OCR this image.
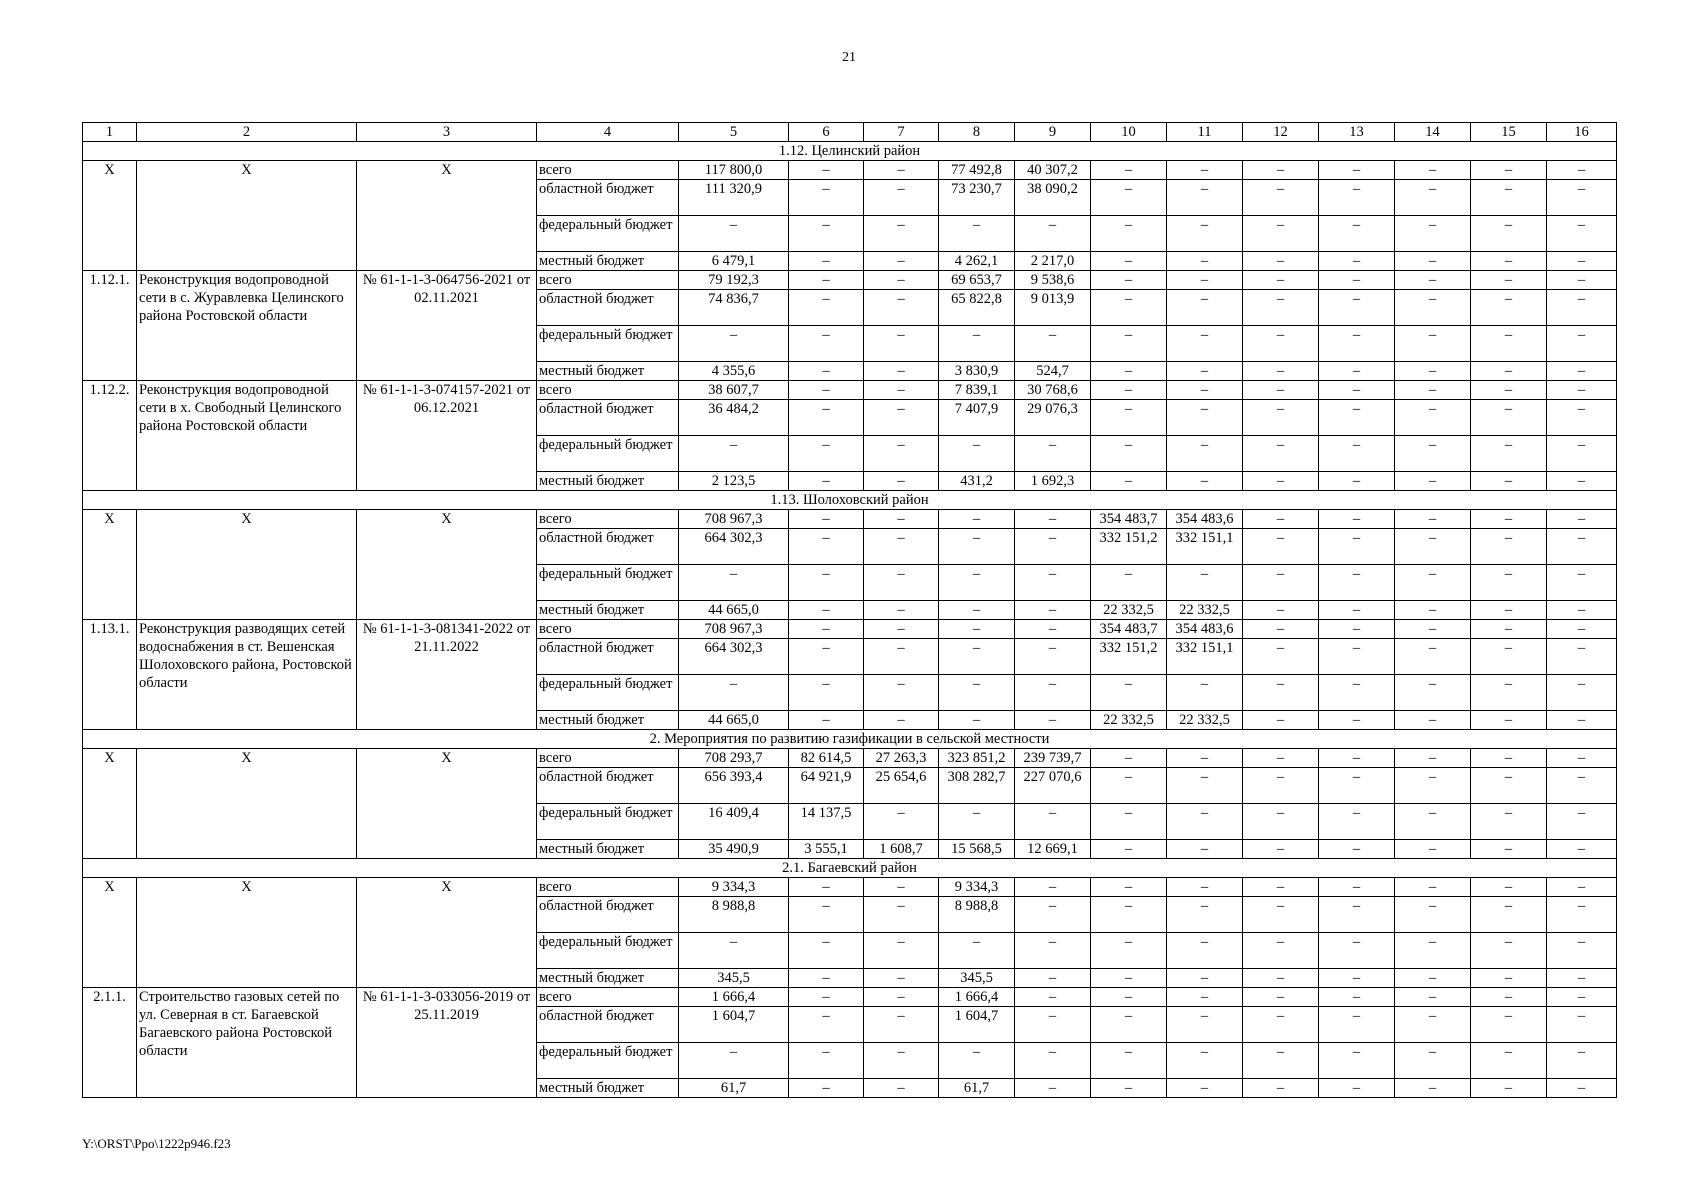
21
1	2	3	4	5	6	7	8	9	10	11	12	13	14	15	16
1.12. Целинский район															
X	X	X	всего	117 800,0	–	–	77 492,8	40 307,2	–	–	–	–	–	–	–
			областной бюджет	111 320,9	–	–	73 230,7	38 090,2	–	–	–	–	–	–	–
			федеральный бюджет	–	–	–	–	–	–	–	–	–	–	–	–
			местный бюджет	6 479,1	–	–	4 262,1	2 217,0	–	–	–	–	–	–	–
1.12.1.	Реконструкция водопроводной сети в с. Журавлевка Целинского района Ростовской области	№ 61-1-1-3-064756-2021 от 02.11.2021	всего	79 192,3	–	–	69 653,7	9 538,6	–	–	–	–	–	–	–
			областной бюджет	74 836,7	–	–	65 822,8	9 013,9	–	–	–	–	–	–	–
			федеральный бюджет	–	–	–	–	–	–	–	–	–	–	–	–
			местный бюджет	4 355,6	–	–	3 830,9	524,7	–	–	–	–	–	–	–
1.12.2.	Реконструкция водопроводной сети в х. Свободный Целинского района Ростовской области	№ 61-1-1-3-074157-2021 от 06.12.2021	всего	38 607,7	–	–	7 839,1	30 768,6	–	–	–	–	–	–	–
			областной бюджет	36 484,2	–	–	7 407,9	29 076,3	–	–	–	–	–	–	–
			федеральный бюджет	–	–	–	–	–	–	–	–	–	–	–	–
			местный бюджет	2 123,5	–	–	431,2	1 692,3	–	–	–	–	–	–	–
1.13. Шолоховский район															
X	X	X	всего	708 967,3	–	–	–	–	354 483,7	354 483,6	–	–	–	–	–
			областной бюджет	664 302,3	–	–	–	–	332 151,2	332 151,1	–	–	–	–	–
			федеральный бюджет	–	–	–	–	–	–	–	–	–	–	–	–
			местный бюджет	44 665,0	–	–	–	–	22 332,5	22 332,5	–	–	–	–	–
1.13.1.	Реконструкция разводящих сетей водоснабжения в ст. Вешенская Шолоховского района, Ростовской области	№ 61-1-1-3-081341-2022 от 21.11.2022	всего	708 967,3	–	–	–	–	354 483,7	354 483,6	–	–	–	–	–
			областной бюджет	664 302,3	–	–	–	–	332 151,2	332 151,1	–	–	–	–	–
			федеральный бюджет	–	–	–	–	–	–	–	–	–	–	–	–
			местный бюджет	44 665,0	–	–	–	–	22 332,5	22 332,5	–	–	–	–	–
2. Мероприятия по развитию газификации в сельской местности															
X	X	X	всего	708 293,7	82 614,5	27 263,3	323 851,2	239 739,7	–	–	–	–	–	–	–
			областной бюджет	656 393,4	64 921,9	25 654,6	308 282,7	227 070,6	–	–	–	–	–	–	–
			федеральный бюджет	16 409,4	14 137,5	–	–	–	–	–	–	–	–	–	–
			местный бюджет	35 490,9	3 555,1	1 608,7	15 568,5	12 669,1	–	–	–	–	–	–	–
2.1. Багаевский район															
X	X	X	всего	9 334,3	–	–	9 334,3	–	–	–	–	–	–	–	–
			областной бюджет	8 988,8	–	–	8 988,8	–	–	–	–	–	–	–	–
			федеральный бюджет	–	–	–	–	–	–	–	–	–	–	–	–
			местный бюджет	345,5	–	–	345,5	–	–	–	–	–	–	–	–
2.1.1.	Строительство газовых сетей по ул. Северная в ст. Багаевской Багаевского района Ростовской области	№ 61-1-1-3-033056-2019 от 25.11.2019	всего	1 666,4	–	–	1 666,4	–	–	–	–	–	–	–	–
			областной бюджет	1 604,7	–	–	1 604,7	–	–	–	–	–	–	–	–
			федеральный бюджет	–	–	–	–	–	–	–	–	–	–	–	–
			местный бюджет	61,7	–	–	61,7	–	–	–	–	–	–	–	–
Y:\ORST\Ppo\1222p946.f23
